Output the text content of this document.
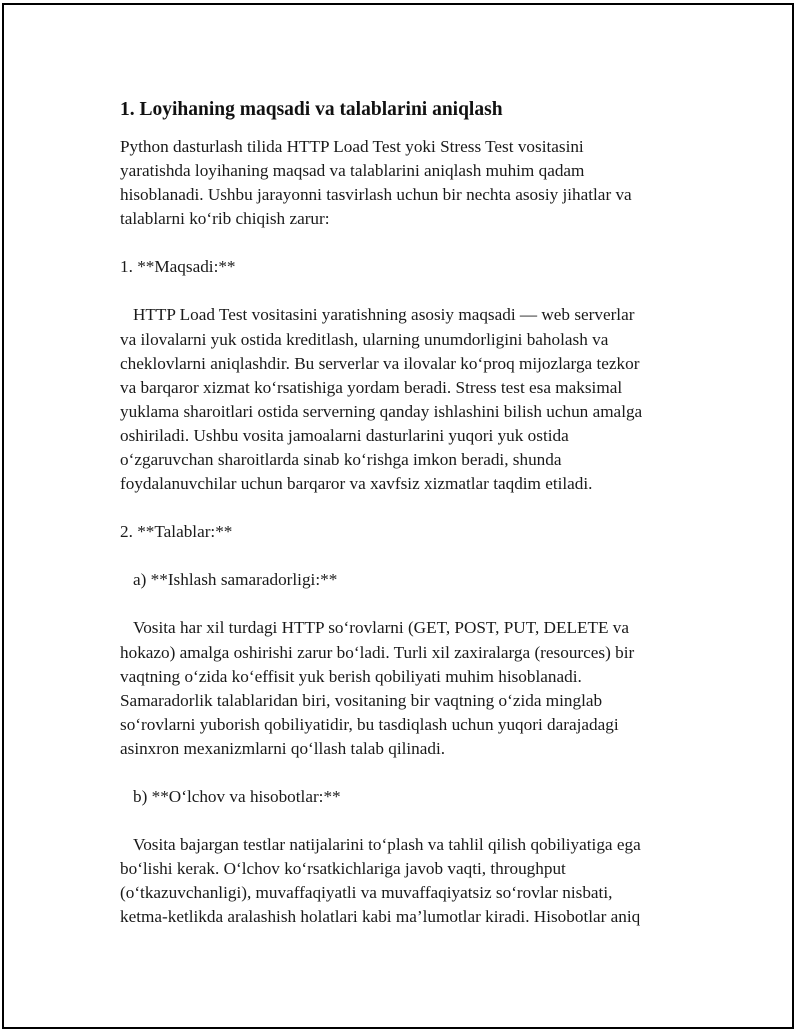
1. Loyihaning maqsadi va talablarini aniqlash
Python dasturlash tilida HTTP Load Test yoki Stress Test vositasini
yaratishda loyihaning maqsad va talablarini aniqlash muhim qadam
hisoblanadi. Ushbu jarayonni tasvirlash uchun bir nechta asosiy jihatlar va
talablarni ko‘rib chiqish zarur:
1. **Maqsadi:**
HTTP Load Test vositasini yaratishning asosiy maqsadi — web serverlar
va ilovalarni yuk ostida kreditlash, ularning unumdorligini baholash va
cheklovlarni aniqlashdir. Bu serverlar va ilovalar ko‘proq mijozlarga tezkor
va barqaror xizmat ko‘rsatishiga yordam beradi. Stress test esa maksimal
yuklama sharoitlari ostida serverning qanday ishlashini bilish uchun amalga
oshiriladi. Ushbu vosita jamoalarni dasturlarini yuqori yuk ostida
o‘zgaruvchan sharoitlarda sinab ko‘rishga imkon beradi, shunda
foydalanuvchilar uchun barqaror va xavfsiz xizmatlar taqdim etiladi.
2. **Talablar:**
a) **Ishlash samaradorligi:**
Vosita har xil turdagi HTTP so‘rovlarni (GET, POST, PUT, DELETE va
hokazo) amalga oshirishi zarur bo‘ladi. Turli xil zaxiralarga (resources) bir
vaqtning o‘zida ko‘effisit yuk berish qobiliyati muhim hisoblanadi.
Samaradorlik talablaridan biri, vositaning bir vaqtning o‘zida minglab
so‘rovlarni yuborish qobiliyatidir, bu tasdiqlash uchun yuqori darajadagi
asinxron mexanizmlarni qo‘llash talab qilinadi.
b) **O‘lchov va hisobotlar:**
Vosita bajargan testlar natijalarini to‘plash va tahlil qilish qobiliyatiga ega
bo‘lishi kerak. O‘lchov ko‘rsatkichlariga javob vaqti, throughput
(o‘tkazuvchanligi), muvaffaqiyatli va muvaffaqiyatsiz so‘rovlar nisbati,
ketma-ketlikda aralashish holatlari kabi ma’lumotlar kiradi. Hisobotlar aniq
